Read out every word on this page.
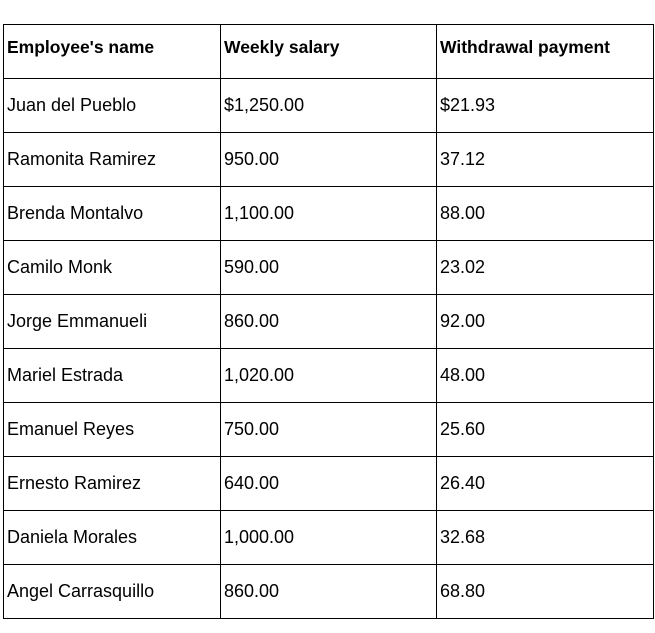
Employee's name	Weekly salary	Withdrawal payment
Juan del Pueblo	$1,250.00	$21.93
Ramonita Ramirez	950.00	37.12
Brenda Montalvo	1,100.00	88.00
Camilo Monk	590.00	23.02
Jorge Emmanueli	860.00	92.00
Mariel Estrada	1,020.00	48.00
Emanuel Reyes	750.00	25.60
Ernesto Ramirez	640.00	26.40
Daniela Morales	1,000.00	32.68
Angel Carrasquillo	860.00	68.80
